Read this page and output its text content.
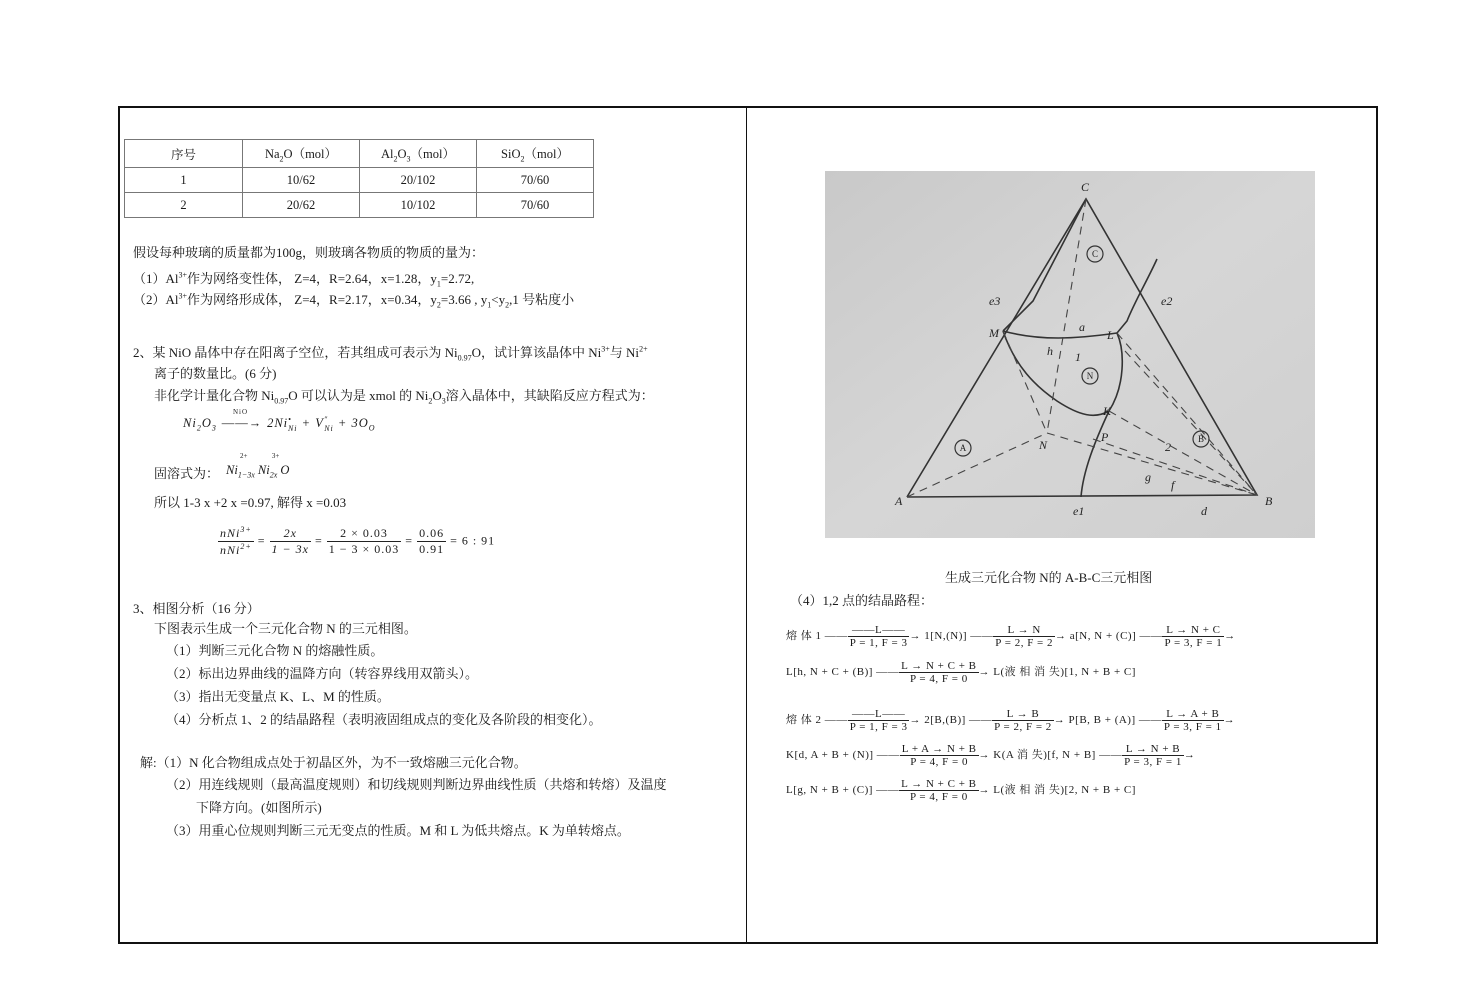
序号	$Na_2O(mol)$	$Al_2O_3(mol)$	SiO$_2$（mol）
1	10/62	20/102	70/60
2	20/62	10/102	70/60
假设每种玻璃的质量都为100g，则玻璃各物质的物质的量为：
$(1)Al^{3+}$作为网络变性体， Z=4，R=2.64，x=1.28，$y_1=2.72$,
$(2)Al^{3+}$作为网络形成体， Z=4，R=2.17，x=0.34，$y_2=3.66$ , $y_1<y_2,1$ 号粘度小
2、某 NiO 晶体中存在阳离子空位，若其组成可表示为 $Ni_{0.97}O$，试计算该晶体中 $Ni^{3+}$与 $Ni^{2+}$
离子的数量比。(6 分)
非化学计量化合物 $Ni_{0.97}O$ 可以认为是 xmol 的 $Ni_2O_3$溶入晶体中，其缺陷反应方程式为：
$Ni_2O_3$
NiO
——→ $2Ni^•_{Ni} + V''_{Ni} + 3O_O$
固溶式为：
2+
$Ni_{1-3x}$
3+
$Ni_{2x}$ O
所以 1-3 x +2 x =0.97, 解得 x =0.03
$\frac{nNi^{3+}}{nNi^{2+}} = \frac{2x}{1 - 3x} = \frac{2 \times 0.03}{1 - 3 \times 0.03} = \frac{0.06}{0.91} = 6$ : 91
3、相图分析（16 分）
下图表示生成一个三元化合物 N 的三元相图。
（1）判断三元化合物 N 的熔融性质。
（2）标出边界曲线的温降方向（转容界线用双箭头）。
（3）指出无变量点 K、L、M 的性质。
（4）分析点 1、2 的结晶路程（表明液固组成点的变化及各阶段的相变化）。
解:（1）N 化合物组成点处于初晶区外，为不一致熔融三元化合物。
（2）用连线规则（最高温度规则）和切线规则判断边界曲线性质（共熔和转熔）及温度
下降方向。(如图所示)
（3）用重心位规则判断三元无变点的性质。M 和 L 为低共熔点。K 为单转熔点。
C
A	B
M	L
K
N
P
a
h 1
2
g
f
d
e1
e2
e3
C
N
A
B
生成三元化合物 N的 A-B-C三元相图
（4）1,2 点的结晶路程：
熔 体 1 —— $\frac{——L——}{P = 1, F = 3} \to 1[N,(N)]$ —— $\frac{L \to N}{P = 2, F = 2} \to a[N$, N + (C)] —— $\frac{L \to N + C}{P = 3, F = 1}$ →
L[h, N + C + (B)] —— $\frac{L \to N + C + B}{P = 4, F = 0} \to L$(液 相 消 失)[1, N + B + C]
熔 体 2 —— $\frac{——L——}{P = 1, F = 3} \to 2[B,(B)]$ —— $\frac{L \to B}{P = 2, F = 2} \to P[B$, B + (A)] —— $\frac{L \to A + B}{P = 3, F = 1}$ →
K[d, A + B + (N)] —— $\frac{L + A \to N + B}{P = 4, F = 0} \to K(A$ 消 失)[f, N + B] —— $\frac{L \to N + B}{P = 3, F = 1}$ →
L[g, N + B + (C)] —— $\frac{L \to N + C + B}{P = 4, F = 0} \to L$(液 相 消 失)[2, N + B + C]
